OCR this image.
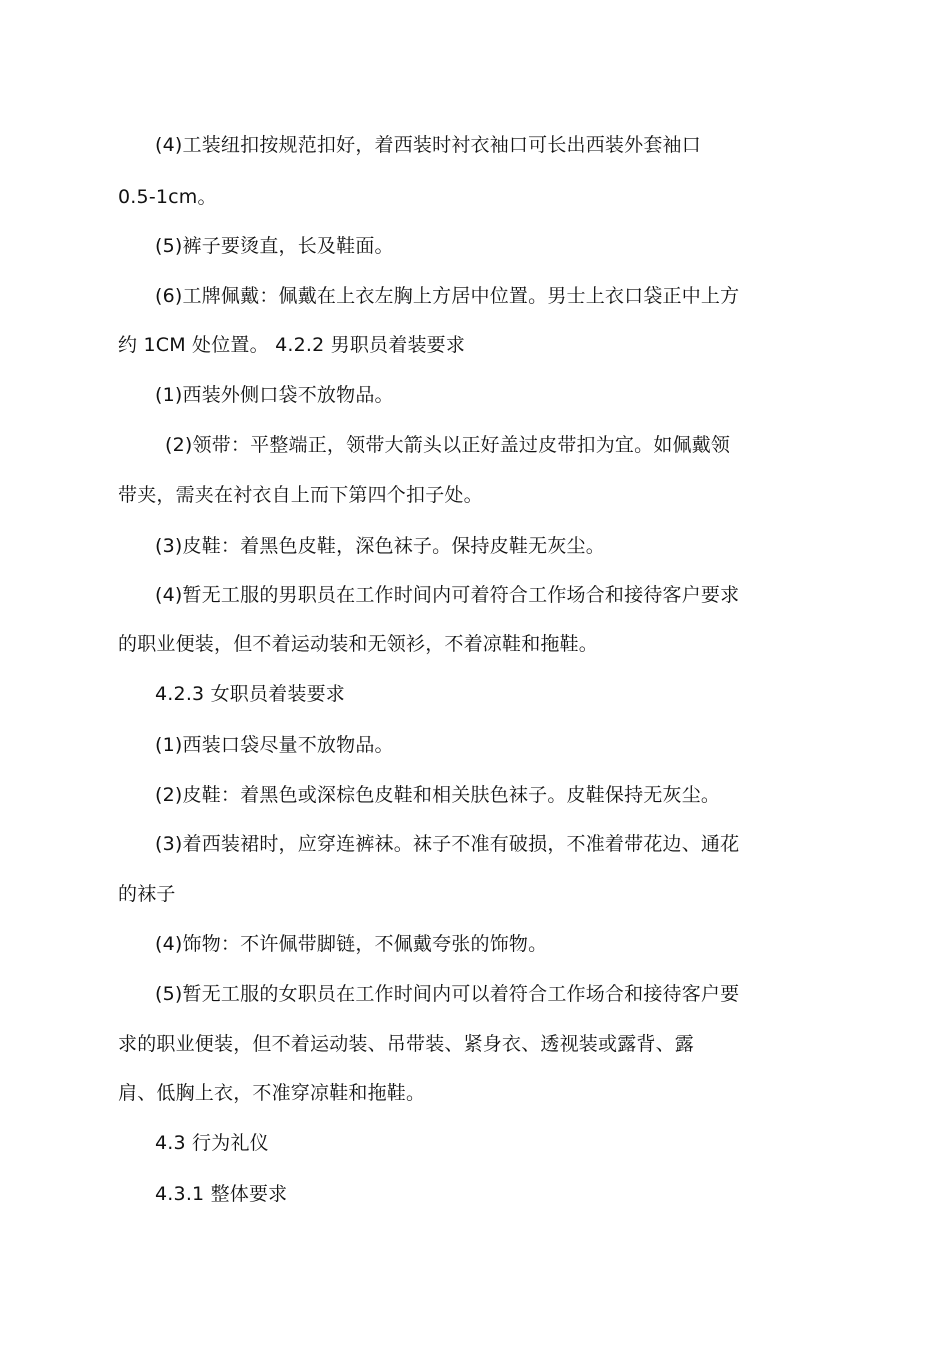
(4)工装纽扣按规范扣好，着西装时衬衣袖口可长出西装外套袖口
0.5-1cm。
(5)裤子要烫直，长及鞋面。
(6)工牌佩戴：佩戴在上衣左胸上方居中位置。男士上衣口袋正中上方
约 1CM 处位置。 4.2.2 男职员着装要求
(1)西装外侧口袋不放物品。
(2)领带：平整端正，领带大箭头以正好盖过皮带扣为宜。如佩戴领
带夹，需夹在衬衣自上而下第四个扣子处。
(3)皮鞋：着黑色皮鞋，深色袜子。保持皮鞋无灰尘。
(4)暂无工服的男职员在工作时间内可着符合工作场合和接待客户要求
的职业便装，但不着运动装和无领衫，不着凉鞋和拖鞋。
4.2.3 女职员着装要求
(1)西装口袋尽量不放物品。
(2)皮鞋：着黑色或深棕色皮鞋和相关肤色袜子。皮鞋保持无灰尘。
(3)着西装裙时，应穿连裤袜。袜子不准有破损，不准着带花边、通花
的袜子
(4)饰物：不许佩带脚链，不佩戴夸张的饰物。
(5)暂无工服的女职员在工作时间内可以着符合工作场合和接待客户要
求的职业便装，但不着运动装、吊带装、紧身衣、透视装或露背、露
肩、低胸上衣，不准穿凉鞋和拖鞋。
4.3 行为礼仪
4.3.1 整体要求
